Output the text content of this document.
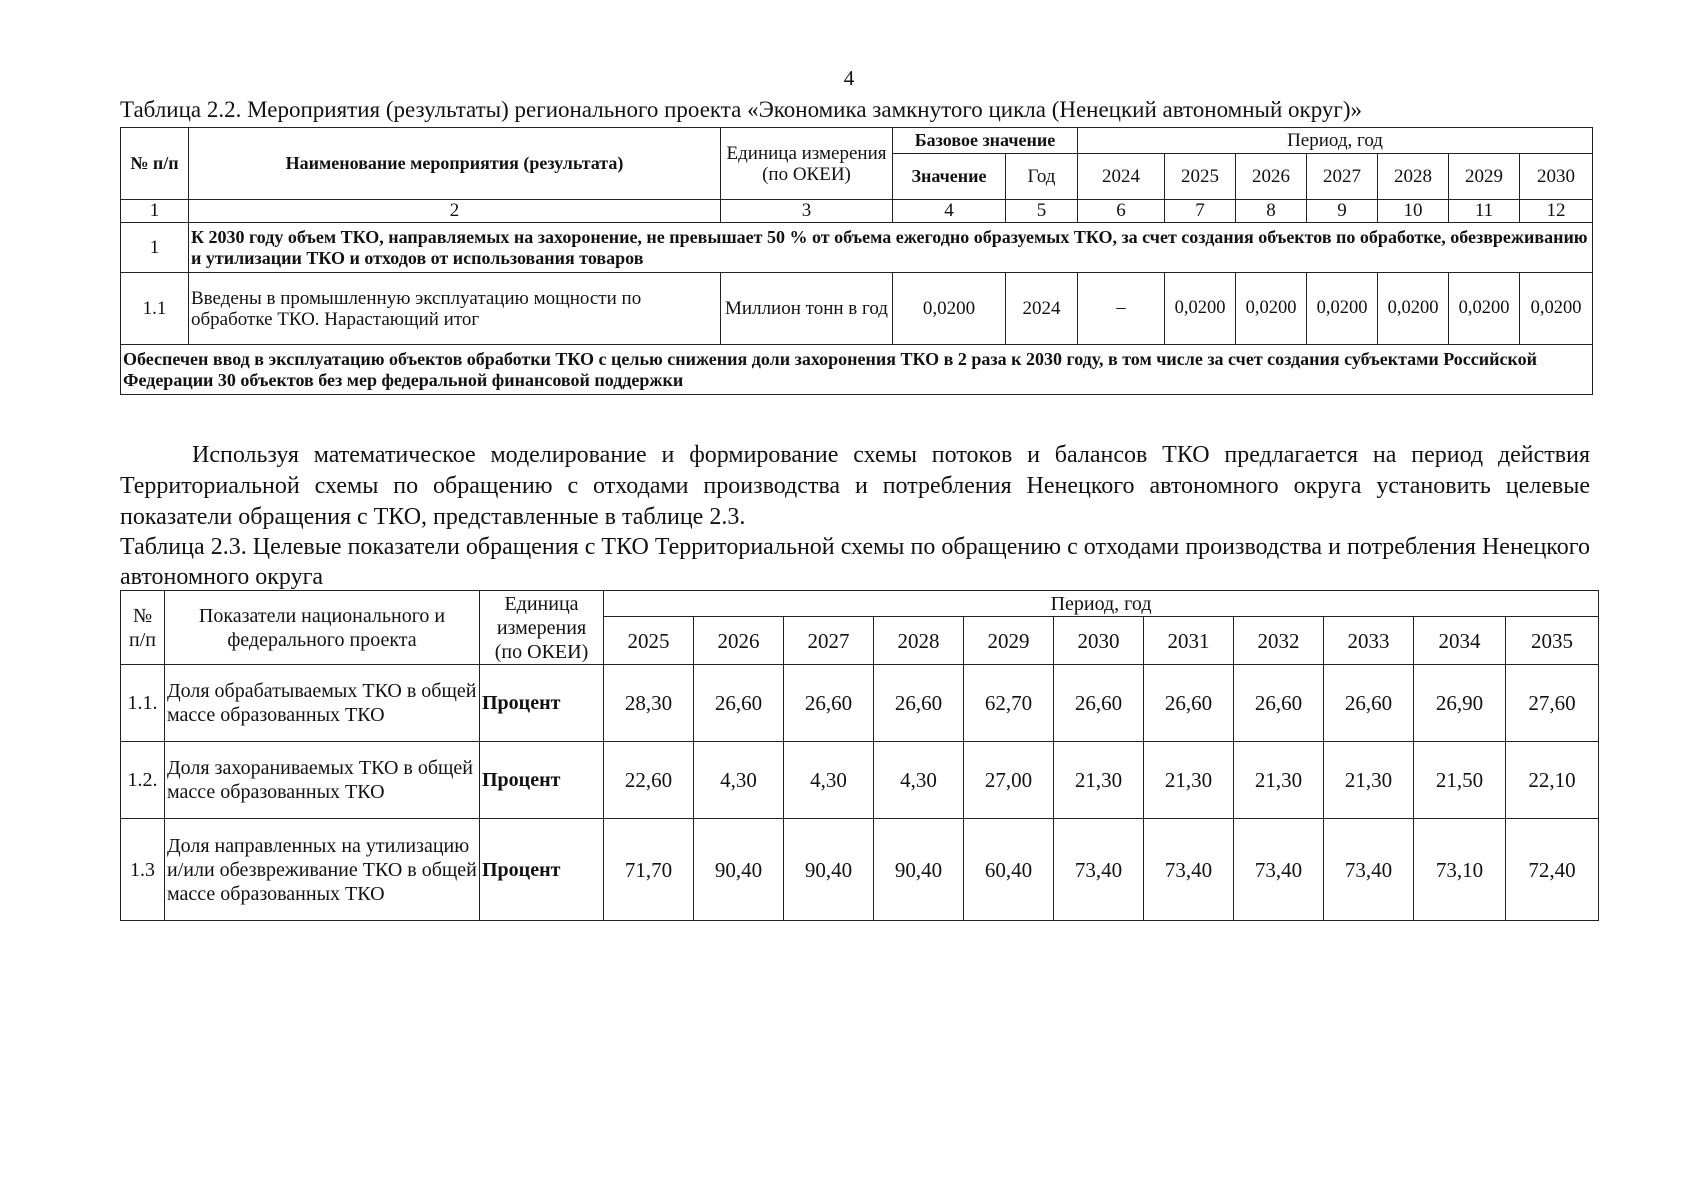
4
Таблица 2.2. Мероприятия (результаты) регионального проекта «Экономика замкнутого цикла (Ненецкий автономный округ)»
№ п/п	Наименование мероприятия (результата)	Единица измерения (по ОКЕИ)	Базовое значение		Период, год						
			Значение	Год	2024	2025	2026	2027	2028	2029	2030
1	2	3	4	5	6	7	8	9	10	11	12
1	К 2030 году объем ТКО, направляемых на захоронение, не превышает 50 % от объема ежегодно образуемых ТКО, за счет создания объектов по обработке, обезвреживанию и утилизации ТКО и отходов от использования товаров										
1.1	Введены в промышленную эксплуатацию мощности по обработке ТКО. Нарастающий итог	Миллион тонн в год	0,0200	2024	–	0,0200	0,0200	0,0200	0,0200	0,0200	0,0200
Обеспечен ввод в эксплуатацию объектов обработки ТКО с целью снижения доли захоронения ТКО в 2 раза к 2030 году, в том числе за счет создания субъектами Российской Федерации 30 объектов без мер федеральной финансовой поддержки											
Используя математическое моделирование и формирование схемы потоков и балансов ТКО предлагается на период действия Территориальной схемы по обращению с отходами производства и потребления Ненецкого автономного округа установить целевые показатели обращения с ТКО, представленные в таблице 2.3.
Таблица 2.3. Целевые показатели обращения с ТКО Территориальной схемы по обращению с отходами производства и потребления Ненецкого автономного округа
№ п/п	Показатели национального и федерального проекта	Единица измерения (по ОКЕИ)	Период, год										
			2025	2026	2027	2028	2029	2030	2031	2032	2033	2034	2035
1.1.	Доля обрабатываемых ТКО в общей массе образованных ТКО	Процент	28,30	26,60	26,60	26,60	62,70	26,60	26,60	26,60	26,60	26,90	27,60
1.2.	Доля захораниваемых ТКО в общей массе образованных ТКО	Процент	22,60	4,30	4,30	4,30	27,00	21,30	21,30	21,30	21,30	21,50	22,10
1.3	Доля направленных на утилизацию и/или обезвреживание ТКО в общей массе образованных ТКО	Процент	71,70	90,40	90,40	90,40	60,40	73,40	73,40	73,40	73,40	73,10	72,40
